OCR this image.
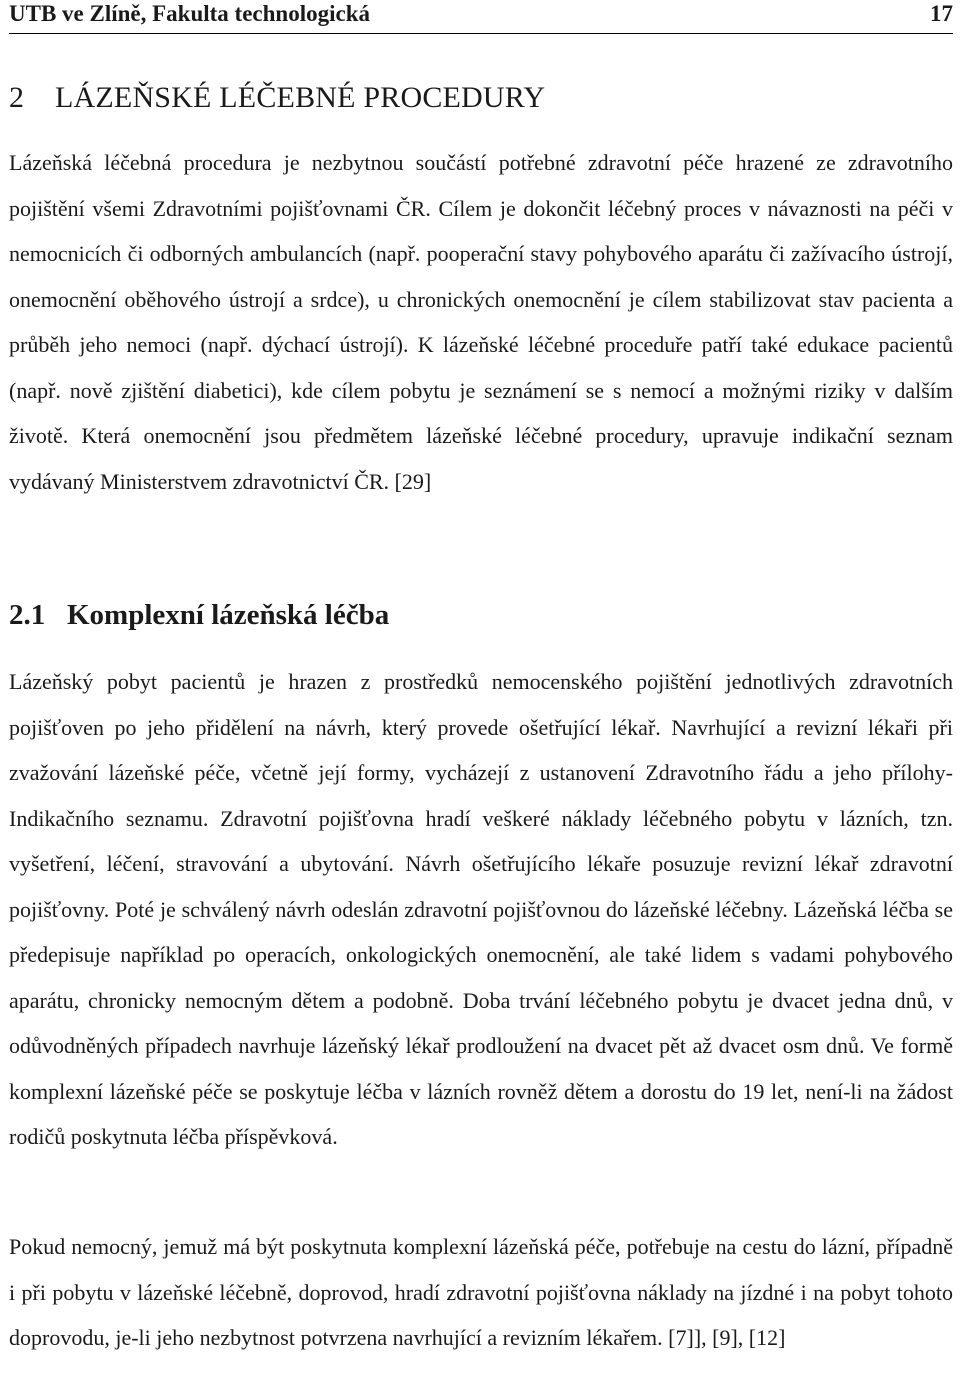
UTB ve Zlíně, Fakulta technologická	17
2 LÁZEŇSKÉ LÉČEBNÉ PROCEDURY

Lázeňská léčebná procedura je nezbytnou součástí potřebné zdravotní péče hrazené ze zdravotního pojištění všemi Zdravotními pojišťovnami ČR. Cílem je dokončit léčebný proces v návaznosti na péči v nemocnicích či odborných ambulancích (např. pooperační stavy pohybového aparátu či zažívacího ústrojí, onemocnění oběhového ústrojí a srdce), u chronických onemocnění je cílem stabilizovat stav pacienta a průběh jeho nemoci (např. dýchací ústrojí). K lázeňské léčebné proceduře patří také edukace pacientů (např. nově zjištění diabetici), kde cílem pobytu je seznámení se s nemocí a možnými riziky v dalším životě. Která onemocnění jsou předmětem lázeňské léčebné procedury, upravuje indikační seznam vydávaný Ministerstvem zdravotnictví ČR. [29]

2.1 Komplexní lázeňská léčba

Lázeňský pobyt pacientů je hrazen z prostředků nemocenského pojištění jednotlivých zdravotních pojišťoven po jeho přidělení na návrh, který provede ošetřující lékař. Navrhující a revizní lékaři při zvažování lázeňské péče, včetně její formy, vycházejí z ustanovení Zdravotního řádu a jeho přílohy- Indikačního seznamu. Zdravotní pojišťovna hradí veškeré náklady léčebného pobytu v lázních, tzn. vyšetření, léčení, stravování a ubytování. Návrh ošetřujícího lékaře posuzuje revizní lékař zdravotní pojišťovny. Poté je schválený návrh odeslán zdravotní pojišťovnou do lázeňské léčebny. Lázeňská léčba se předepisuje například po operacích, onkologických onemocnění, ale také lidem s vadami pohybového aparátu, chronicky nemocným dětem a podobně. Doba trvání léčebného pobytu je dvacet jedna dnů, v odůvodněných případech navrhuje lázeňský lékař prodloužení na dvacet pět až dvacet osm dnů. Ve formě komplexní lázeňské péče se poskytuje léčba v lázních rovněž dětem a dorostu do 19 let, není-li na žádost rodičů poskytnuta léčba příspěvková.

Pokud nemocný, jemuž má být poskytnuta komplexní lázeňská péče, potřebuje na cestu do lázní, případně i při pobytu v lázeňské léčebně, doprovod, hradí zdravotní pojišťovna náklady na jízdné i na pobyt tohoto doprovodu, je-li jeho nezbytnost potvrzena navrhující a revizním lékařem. [7]], [9], [12]
